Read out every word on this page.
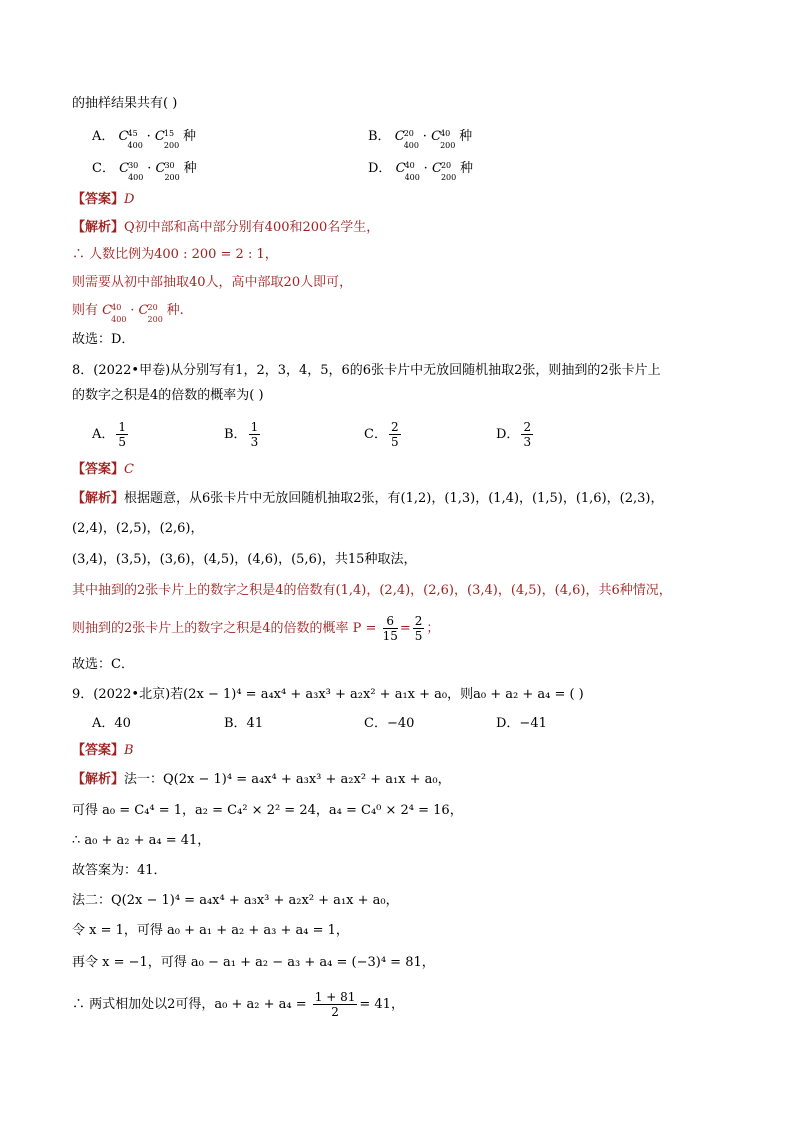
的抽样结果共有( )
A． C 45
400
· C 15
200
种	B． C 20
400
· C 40
200
种
C． C 30
400
· C 30
200
种	D． C 40
400
· C 20
200
种
【答案】D
【解析】Q初中部和高中部分别有400和200名学生，
∴ 人数比例为400 : 200 = 2 : 1，
则需要从初中部抽取40人，高中部取20人即可，
则有 C 40
400
· C 20
200
种.
故选：D．
8．(2022•甲卷)从分别写有1，2，3，4，5，6的6张卡片中无放回随机抽取2张，则抽到的2张卡片上
的数字之积是4的倍数的概率为( )
A． $\frac{1}{5}$	B． $\frac{1}{3}$	C． $\frac{2}{5}$	D． $\frac{2}{3}$
【答案】C
【解析】根据题意，从6张卡片中无放回随机抽取2张，有(1,2)，(1,3)，(1,4)，(1,5)，(1,6)，(2,3)，
(2,4)，(2,5)，(2,6)，
(3,4)，(3,5)，(3,6)，(4,5)，(4,6)，(5,6)，共15种取法，
其中抽到的2张卡片上的数字之积是4的倍数有(1,4)，(2,4)，(2,6)，(3,4)，(4,5)，(4,6)，共6种情况，
则抽到的2张卡片上的数字之积是4的倍数的概率 $P = \frac{6}{15} = \frac{2}{5}$ ；
故选：C．
9．(2022•北京)若(2x − 1)⁴ = a₄x⁴ + a₃x³ + a₂x² + a₁x + a₀，则a₀ + a₂ + a₄ = ( )
A．40	B．41	C．−40	D．−41
【答案】B
【解析】法一：Q(2x − 1)⁴ = a₄x⁴ + a₃x³ + a₂x² + a₁x + a₀，
可得 a₀ = C₄⁴ = 1，a₂ = C₄² × 2² = 24，a₄ = C₄⁰ × 2⁴ = 16，
∴ a₀ + a₂ + a₄ = 41，
故答案为：41．
法二：Q(2x − 1)⁴ = a₄x⁴ + a₃x³ + a₂x² + a₁x + a₀，
令 x = 1，可得 a₀ + a₁ + a₂ + a₃ + a₄ = 1，
再令 x = −1，可得 a₀ − a₁ + a₂ − a₃ + a₄ = (−3)⁴ = 81，
∴ 两式相加处以2可得，$a_0 + a_2 + a_4 = \frac{1 + 81}{2} = 41$，
